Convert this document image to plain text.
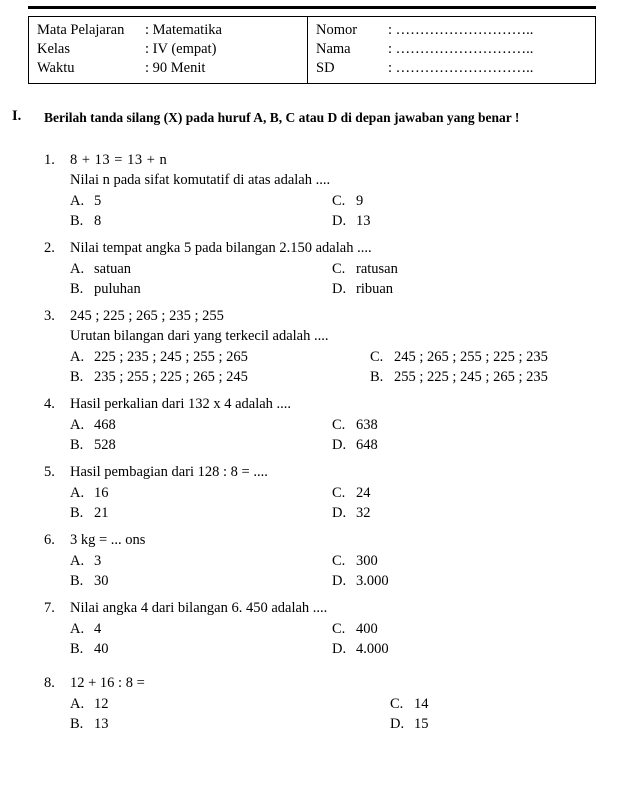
Mata Pelajaran	: Matematika
Kelas	: IV (empat)
Waktu	: 90 Menit

Nomor	: ………………………..
Nama	: ………………………..
SD	: ………………………..
I. Berilah tanda silang (X) pada huruf A, B, C atau D di depan jawaban yang benar !
1.	8 + 13 = 13 + n
Nilai n pada sifat komutatif di atas adalah ....
A. 5	C. 9
B. 8	D. 13
2.	Nilai tempat angka 5 pada bilangan 2.150 adalah ....
A. satuan	C. ratusan
B. puluhan	D. ribuan
3.	245 ; 225 ; 265 ; 235 ; 255
Urutan bilangan dari yang terkecil adalah ....
A. 225 ; 235 ; 245 ; 255 ; 265	C. 245 ; 265 ; 255 ; 225 ; 235
B. 235 ; 255 ; 225 ; 265 ; 245	B. 255 ; 225 ; 245 ; 265 ; 235
4.	Hasil perkalian dari 132 x 4 adalah ....
A. 468	C. 638
B. 528	D. 648
5.	Hasil pembagian dari 128 : 8 = ....
A. 16	C. 24
B. 21	D. 32
6.	3 kg = ... ons
A. 3	C. 300
B. 30	D. 3.000
7.	Nilai angka 4 dari bilangan 6. 450 adalah ....
A. 4	C. 400
B. 40	D. 4.000
8.	12 + 16 : 8 =
A. 12	C. 14
B. 13	D. 15
